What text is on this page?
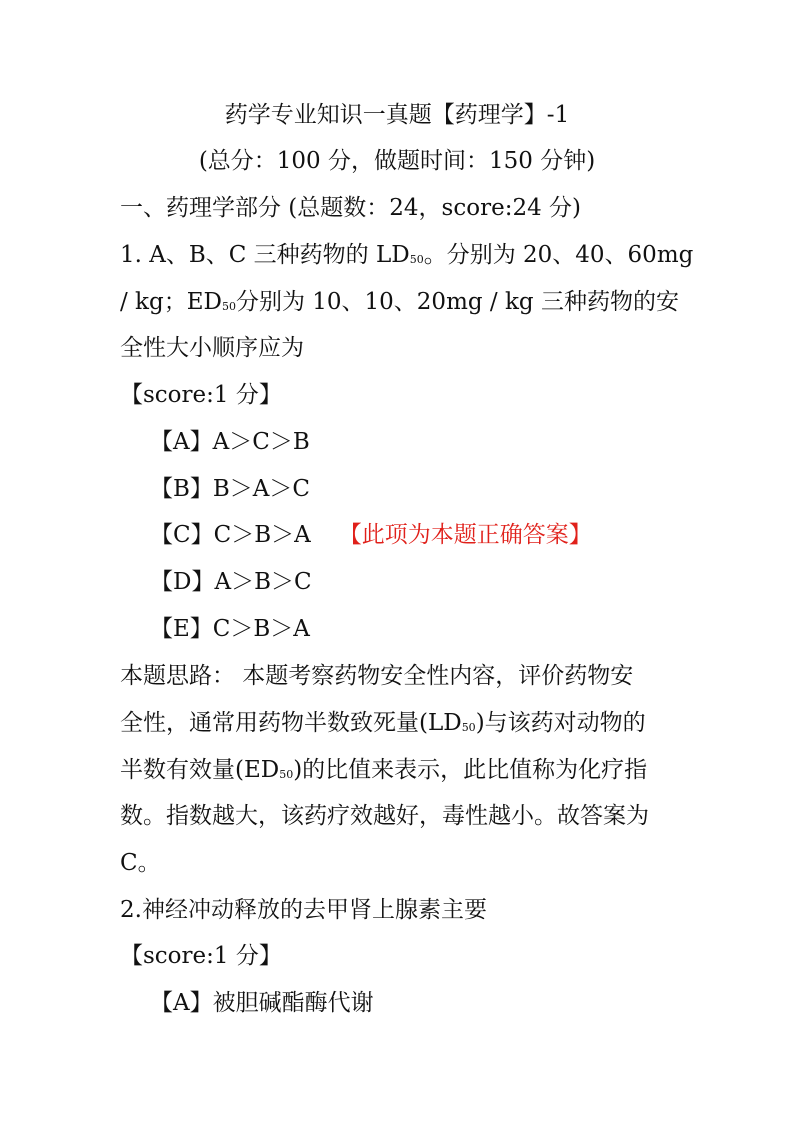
药学专业知识一真题【药理学】-1
(总分：100 分，做题时间：150 分钟)
一、药理学部分 (总题数：24，score:24 分)
1. A、B、C 三种药物的 $LD_{50}$。分别为 20、40、60mg
/ kg；$ED_{50}$分别为 10、10、20mg / kg 三种药物的安
全性大小顺序应为
【score:1 分】
【A】A＞C＞B
【B】B＞A＞C
【C】C＞B＞A 【此项为本题正确答案】
【D】A＞B＞C
【E】C＞B＞A
本题思路： 本题考察药物安全性内容，评价药物安
全性，通常用药物半数致死量$(LD_{50})$与该药对动物的
半数有效量$(ED_{50})$的比值来表示，此比值称为化疗指
数。指数越大，该药疗效越好，毒性越小。故答案为
C。
2.神经冲动释放的去甲肾上腺素主要
【score:1 分】
【A】被胆碱酯酶代谢
